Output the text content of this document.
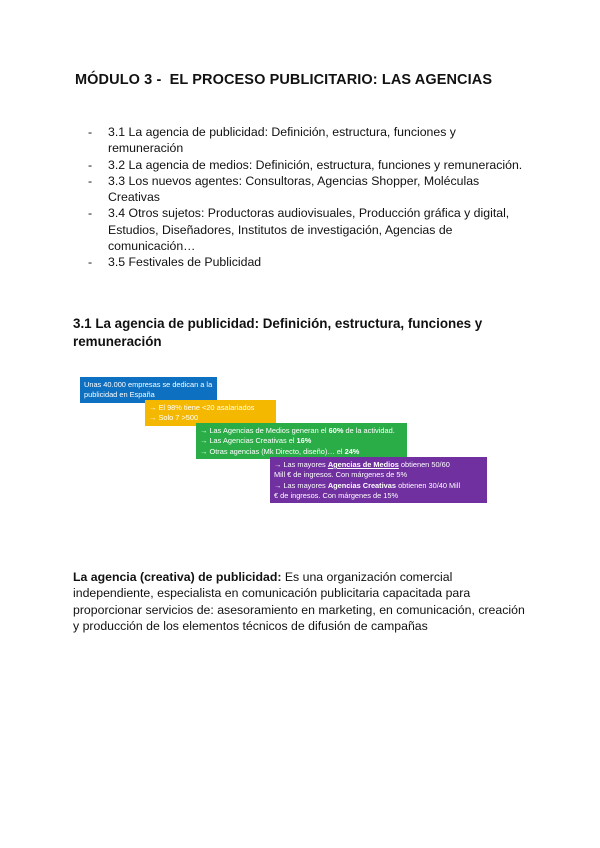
MÓDULO 3 -  EL PROCESO PUBLICITARIO: LAS AGENCIAS
- 3.1 La agencia de publicidad: Definición, estructura, funciones y remuneración
- 3.2 La agencia de medios: Definición, estructura, funciones y remuneración.
- 3.3 Los nuevos agentes: Consultoras, Agencias Shopper, Moléculas Creativas
- 3.4 Otros sujetos: Productoras audiovisuales, Producción gráfica y digital, Estudios, Diseñadores, Institutos de investigación, Agencias de comunicación…
- 3.5 Festivales de Publicidad
3.1 La agencia de publicidad: Definición, estructura, funciones y remuneración
Unas 40.000 empresas se dedican a la
publicidad en España
→ El 98% tiene <20 asalariados
→ Solo 7 >500
→ Las Agencias de Medios generan el 60% de la actividad.
→ Las Agencias Creativas el 16%
→ Otras agencias (Mk Directo, diseño)… el 24%
→ Las mayores Agencias de Medios obtienen 50/60
Mill € de ingresos. Con márgenes de 5%
→ Las mayores Agencias Creativas obtienen 30/40 Mill
€ de ingresos. Con márgenes de 15%

La agencia (creativa) de publicidad: Es una organización comercial independiente, especialista en comunicación publicitaria capacitada para proporcionar servicios de: asesoramiento en marketing, en comunicación, creación y producción de los elementos técnicos de difusión de campañas
